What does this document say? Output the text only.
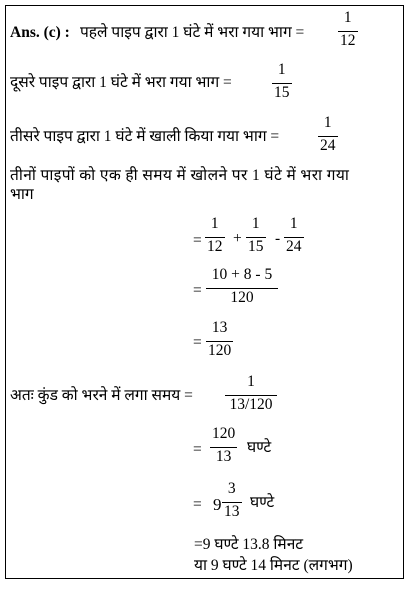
Ans. (c) : पहले पाइप द्वारा 1 घंटे में भरा गया भाग = $\frac{1}{12}$
दूसरे पाइप द्वारा 1 घंटे में भरा गया भाग =	$\frac{1}{15}$
तीसरे पाइप द्वारा 1 घंटे में खाली किया गया भाग =	$\frac{1}{24}$
तीनों पाइपों को एक ही समय में खोलने पर 1 घंटे में भरा गया
भाग
= $\frac{1}{12} + \frac{1}{15} - \frac{1}{24}$
= $\frac{10 + 8 - 5}{120}$
= $\frac{13}{120}$
अतः कुंड को भरने में लगा समय = $\frac{1}{13/120}$
= $\frac{120}{13}$ घण्टे
= $9 \frac{3}{13}$ घण्टे
=9 घण्टे 13.8 मिनट
या 9 घण्टे 14 मिनट (लगभग)
